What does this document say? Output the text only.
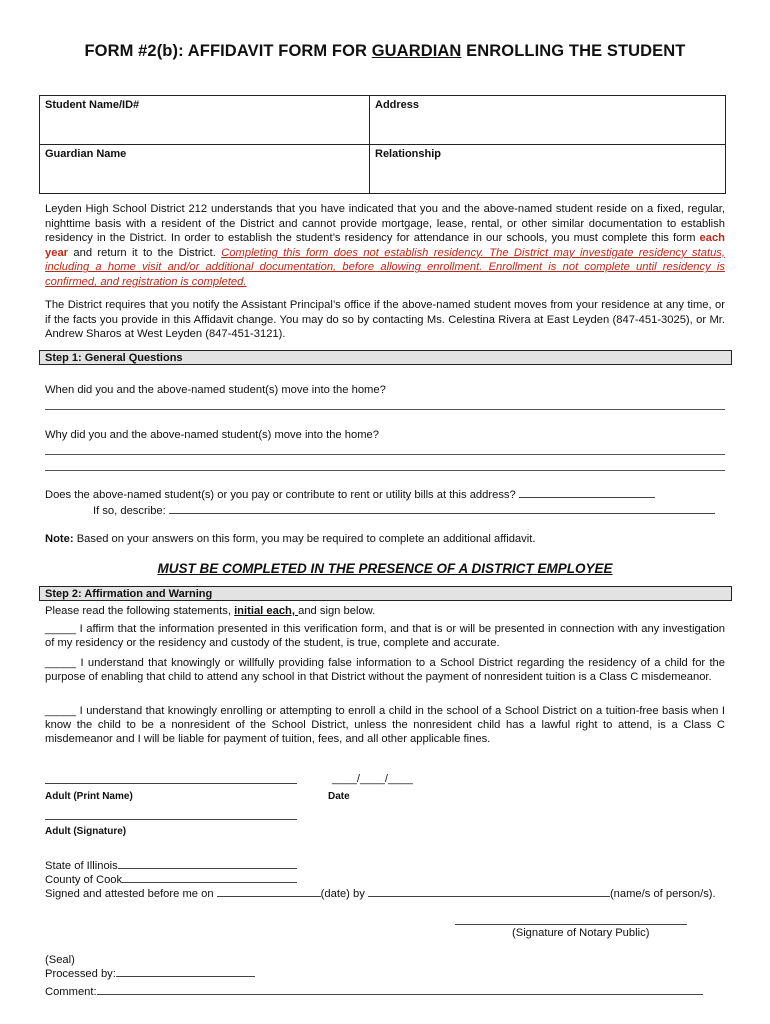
FORM #2(b): AFFIDAVIT FORM FOR GUARDIAN ENROLLING THE STUDENT
Student Name/ID#	Address
Guardian Name	Relationship
Leyden High School District 212 understands that you have indicated that you and the above-named student reside on a fixed, regular, nighttime basis with a resident of the District and cannot provide mortgage, lease, rental, or other similar documentation to establish residency in the District. In order to establish the student’s residency for attendance in our schools, you must complete this form each year and return it to the District. Completing this form does not establish residency. The District may investigate residency status, including a home visit and/or additional documentation, before allowing enrollment. Enrollment is not complete until residency is confirmed, and registration is completed.
The District requires that you notify the Assistant Principal’s office if the above-named student moves from your residence at any time, or if the facts you provide in this Affidavit change. You may do so by contacting Ms. Celestina Rivera at East Leyden (847-451-3025), or Mr. Andrew Sharos at West Leyden (847-451-3121).
Step 1: General Questions
When did you and the above-named student(s) move into the home?
Why did you and the above-named student(s) move into the home?
Does the above-named student(s) or you pay or contribute to rent or utility bills at this address?
If so, describe:
Note: Based on your answers on this form, you may be required to complete an additional affidavit.
MUST BE COMPLETED IN THE PRESENCE OF A DISTRICT EMPLOYEE
Step 2: Affirmation and Warning
Please read the following statements, initial each, and sign below.
_____ I affirm that the information presented in this verification form, and that is or will be presented in connection with any investigation of my residency or the residency and custody of the student, is true, complete and accurate.
_____ I understand that knowingly or willfully providing false information to a School District regarding the residency of a child for the purpose of enabling that child to attend any school in that District without the payment of nonresident tuition is a Class C misdemeanor.
_____ I understand that knowingly enrolling or attempting to enroll a child in the school of a School District on a tuition-free basis when I know the child to be a nonresident of the School District, unless the nonresident child has a lawful right to attend, is a Class C misdemeanor and I will be liable for payment of tuition, fees, and all other applicable fines.
____/____/____
Adult (Print Name)	Date
Adult (Signature)
State of Illinois
County of Cook
Signed and attested before me on	(date) by	(name/s of person/s).
(Signature of Notary Public)
(Seal)
Processed by:
Comment:
